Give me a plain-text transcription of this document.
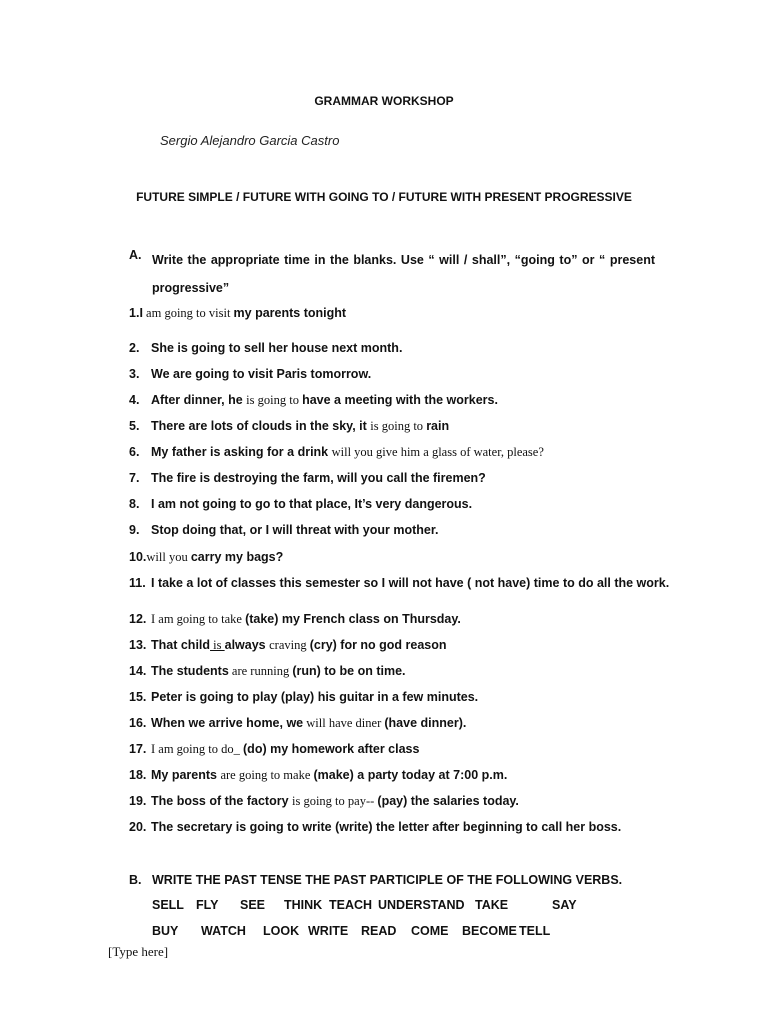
GRAMMAR WORKSHOP
Sergio Alejandro Garcia Castro
FUTURE SIMPLE / FUTURE WITH GOING TO / FUTURE WITH PRESENT PROGRESSIVE
A. Write the appropriate time in the blanks. Use “ will / shall”, “going to” or “ present progressive”
1.I am going to visit my parents tonight
2. She is going to sell her house next month.
3. We are going to visit Paris tomorrow.
4. After dinner, he is going to have a meeting with the workers.
5. There are lots of clouds in the sky, it is going to rain
6. My father is asking for a drink will you give him a glass of water, please?
7. The fire is destroying the farm, will you call the firemen?
8. I am not going to go to that place, It’s very dangerous.
9. Stop doing that, or I will threat with your mother.
10.will you carry my bags?
11. I take a lot of classes this semester so I will not have ( not have) time to do all the work.
12. I am going to take (take) my French class on Thursday.
13. That child is always craving (cry) for no god reason
14. The students are running (run) to be on time.
15. Peter is going to play (play) his guitar in a few minutes.
16. When we arrive home, we will have diner (have dinner).
17. I am going to do_ (do) my homework after class
18. My parents are going to make (make) a party today at 7:00 p.m.
19. The boss of the factory is going to pay-- (pay) the salaries today.
20. The secretary is going to write (write) the letter after beginning to call her boss.
B. WRITE THE PAST TENSE THE PAST PARTICIPLE OF THE FOLLOWING VERBS.
SELL FLY SEE THINK TEACH UNDERSTAND TAKE	SAY
BUY WATCH LOOK WRITE READ COME BECOME TELL
[Type here]
